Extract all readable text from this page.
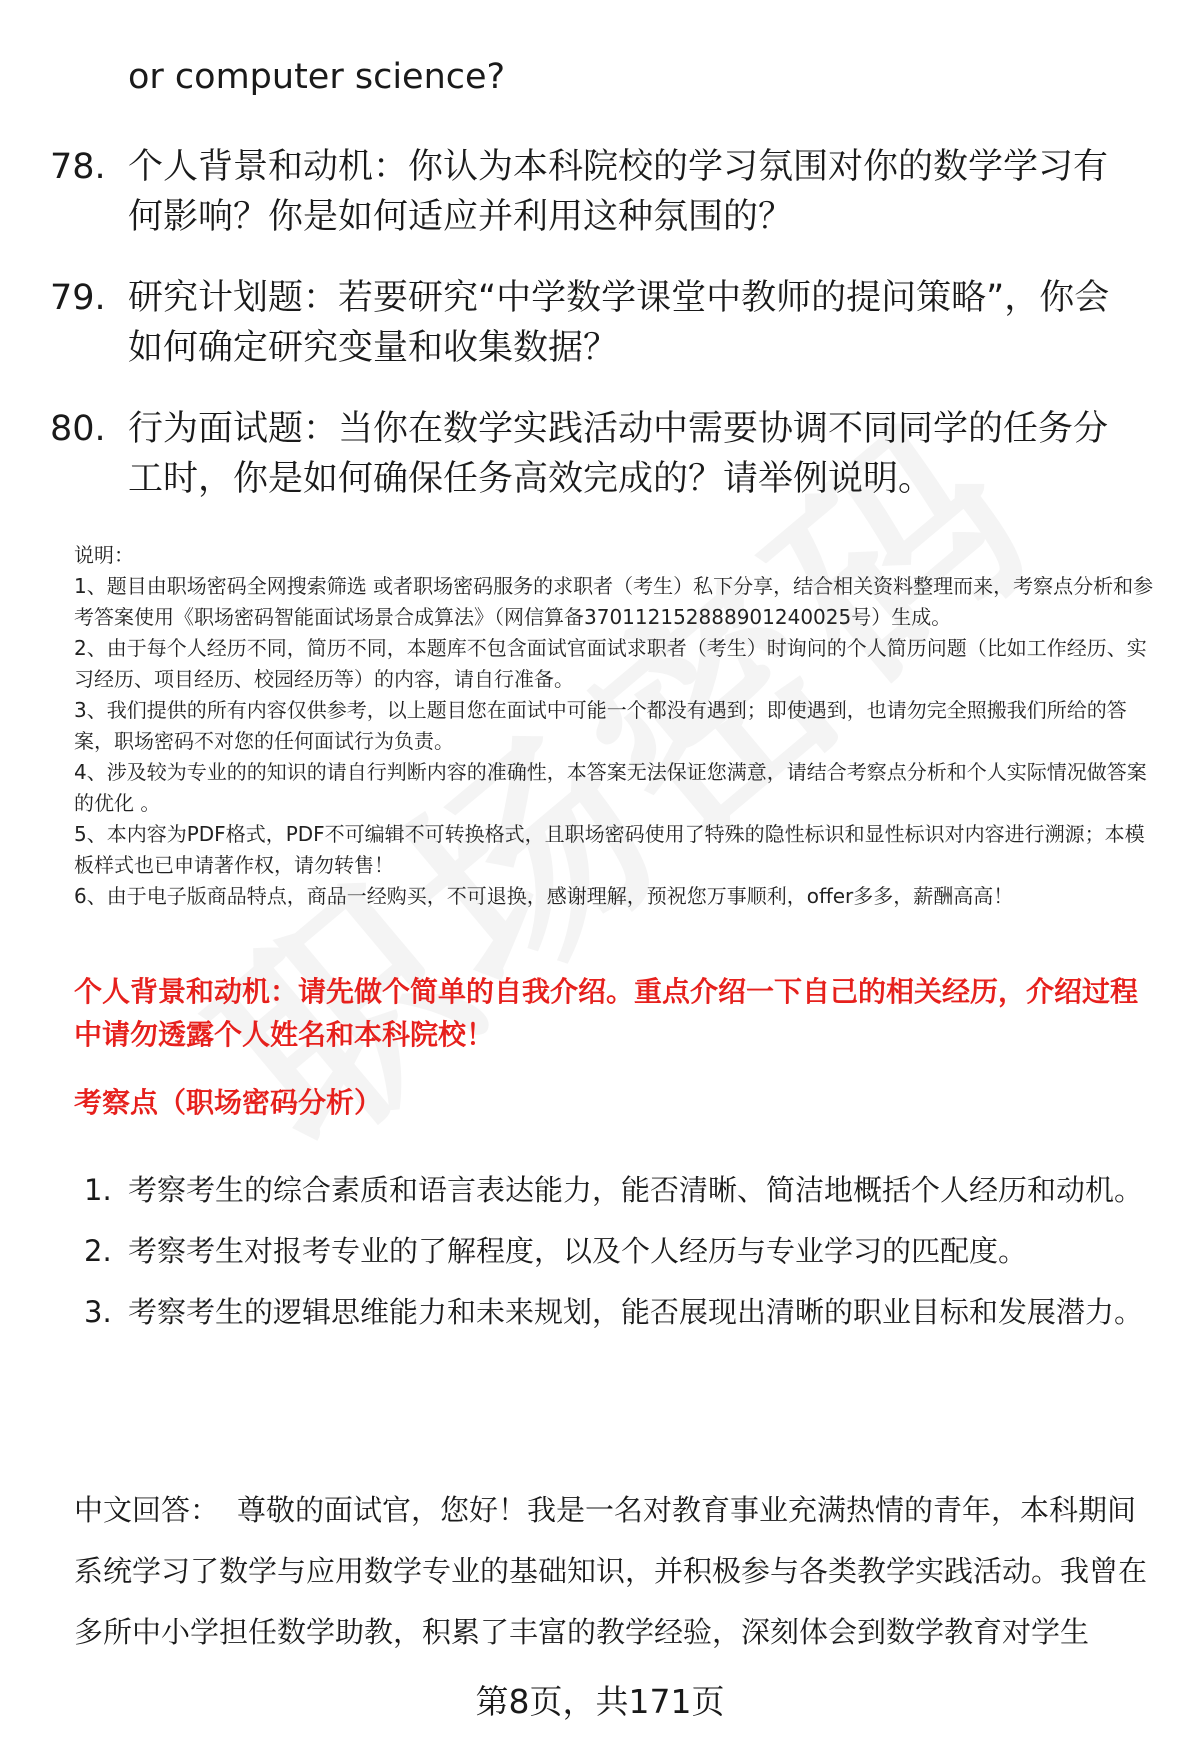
or computer science?
78. 个人背景和动机：你认为本科院校的学习氛围对你的数学学习有何影响？你是如何适应并利用这种氛围的？
79. 研究计划题：若要研究“中学数学课堂中教师的提问策略”，你会如何确定研究变量和收集数据？
80. 行为面试题：当你在数学实践活动中需要协调不同同学的任务分工时，你是如何确保任务高效完成的？请举例说明。

说明：

1、题目由职场密码全网搜索筛选 或者职场密码服务的求职者（考生）私下分享，结合相关资料整理而来，考察点分析和参考答案使用《职场密码智能面试场景合成算法》（网信算备370112152888901240025号）生成。

2、由于每个人经历不同，简历不同，本题库不包含面试官面试求职者（考生）时询问的个人简历问题（比如工作经历、实习经历、项目经历、校园经历等）的内容，请自行准备。

3、我们提供的所有内容仅供参考，以上题目您在面试中可能一个都没有遇到；即使遇到，也请勿完全照搬我们所给的答案，职场密码不对您的任何面试行为负责。

4、涉及较为专业的的知识的请自行判断内容的准确性，本答案无法保证您满意，请结合考察点分析和个人实际情况做答案的优化 。

5、本内容为PDF格式，PDF不可编辑不可转换格式，且职场密码使用了特殊的隐性标识和显性标识对内容进行溯源；本模板样式也已申请著作权，请勿转售！

6、由于电子版商品特点，商品一经购买，不可退换，感谢理解，预祝您万事顺利，offer多多，薪酬高高！

个人背景和动机：请先做个简单的自我介绍。重点介绍一下自己的相关经历，介绍过程中请勿透露个人姓名和本科院校！
考察点（职场密码分析）
1. 考察考生的综合素质和语言表达能力，能否清晰、简洁地概括个人经历和动机。
2. 考察考生对报考专业的了解程度，以及个人经历与专业学习的匹配度。
3. 考察考生的逻辑思维能力和未来规划，能否展现出清晰的职业目标和发展潜力。
中文回答： 尊敬的面试官，您好！我是一名对教育事业充满热情的青年，本科期间系统学习了数学与应用数学专业的基础知识，并积极参与各类教学实践活动。我曾在多所中小学担任数学助教，积累了丰富的教学经验，深刻体会到数学教育对学生
第8页，共171页
